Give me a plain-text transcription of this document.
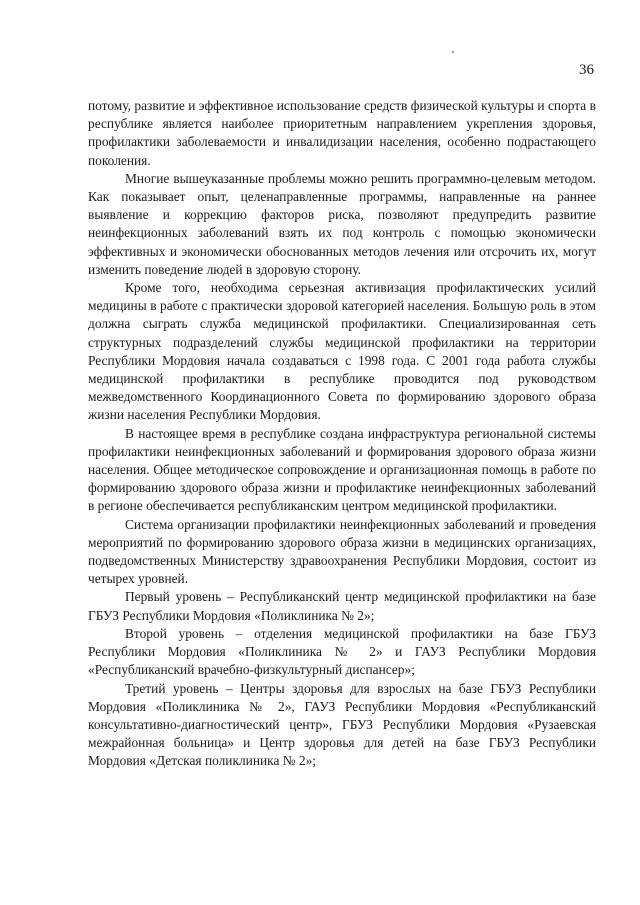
36

потому, развитие и эффективное использование средств физической культуры и спорта в республике является наиболее приоритетным направлением укрепления здоровья, профилактики заболеваемости и инвалидизации населения, особенно подрастающего поколения.

Многие вышеуказанные проблемы можно решить программно-целевым методом. Как показывает опыт, целенаправленные программы, направленные на раннее выявление и коррекцию факторов риска, позволяют предупредить развитие неинфекционных заболеваний взять их под контроль с помощью экономически эффективных и экономически обоснованных методов лечения или отсрочить их, могут изменить поведение людей в здоровую сторону.

Кроме того, необходима серьезная активизация профилактических усилий медицины в работе с практически здоровой категорией населения. Большую роль в этом должна сыграть служба медицинской профилактики. Специализированная сеть структурных подразделений службы медицинской профилактики на территории Республики Мордовия начала создаваться с 1998 года. С 2001 года работа службы медицинской профилактики в республике проводится под руководством межведомственного Координационного Совета по формированию здорового образа жизни населения Республики Мордовия.

В настоящее время в республике создана инфраструктура региональной системы профилактики неинфекционных заболеваний и формирования здорового образа жизни населения. Общее методическое сопровождение и организационная помощь в работе по формированию здорового образа жизни и профилактике неинфекционных заболеваний в регионе обеспечивается республиканским центром медицинской профилактики.

Система организации профилактики неинфекционных заболеваний и проведения мероприятий по формированию здорового образа жизни в медицинских организациях, подведомственных Министерству здравоохранения Республики Мордовия, состоит из четырех уровней.

Первый уровень – Республиканский центр медицинской профилактики на базе ГБУЗ Республики Мордовия «Поликлиника № 2»;

Второй уровень – отделения медицинской профилактики на базе ГБУЗ Республики Мордовия «Поликлиника № 2» и ГАУЗ Республики Мордовия «Республиканский врачебно-физкультурный диспансер»;

Третий уровень – Центры здоровья для взрослых на базе ГБУЗ Республики Мордовия «Поликлиника № 2», ГАУЗ Республики Мордовия «Республиканский консультативно-диагностический центр», ГБУЗ Республики Мордовия «Рузаевская межрайонная больница» и Центр здоровья для детей на базе ГБУЗ Республики Мордовия «Детская поликлиника № 2»;
